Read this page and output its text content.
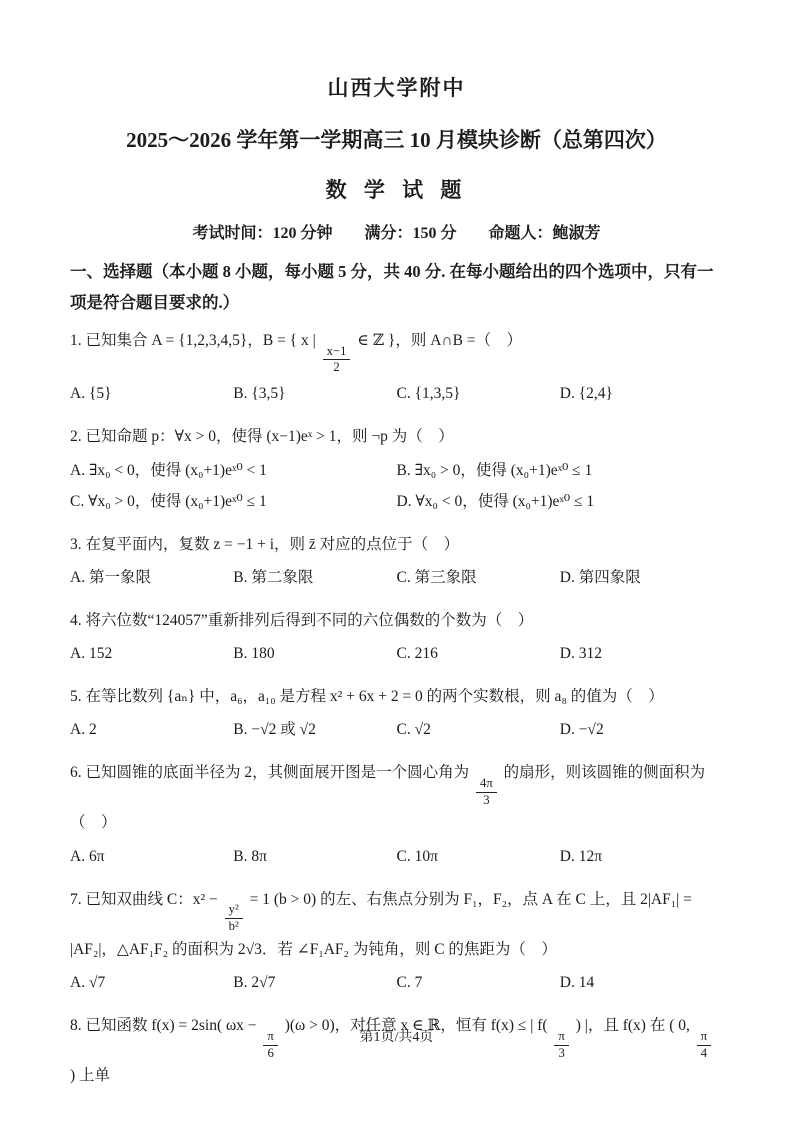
山西大学附中
2025～2026 学年第一学期高三 10 月模块诊断（总第四次）
数 学 试 题
考试时间：120 分钟　　满分：150 分　　命题人：鲍淑芳
一、选择题（本小题 8 小题，每小题 5 分，共 40 分. 在每小题给出的四个选项中，只有一项是符合题目要求的.）
1. 已知集合 A = {1,2,3,4,5}，B = { x |
$\frac{x-1}{2}$
∈ ℤ }，则 A∩B =（　）
A. {5}	B. {3,5}	C. {1,3,5}	D. {2,4}
2. 已知命题 p：∀x > 0，使得 (x−1)eˣ > 1，则 ¬p 为（　）
A. ∃x₀ < 0，使得 (x₀+1)eˣ⁰ < 1	B. ∃x₀ > 0，使得 (x₀+1)eˣ⁰ ≤ 1
C. ∀x₀ > 0，使得 (x₀+1)eˣ⁰ ≤ 1	D. ∀x₀ < 0，使得 (x₀+1)eˣ⁰ ≤ 1
3. 在复平面内，复数 z = −1 + i，则 z̄ 对应的点位于（　）
A. 第一象限	B. 第二象限	C. 第三象限	D. 第四象限
4. 将六位数“124057”重新排列后得到不同的六位偶数的个数为（　）
A. 152	B. 180	C. 216	D. 312
5. 在等比数列 {aₙ} 中，a₆，a₁₀ 是方程 x² + 6x + 2 = 0 的两个实数根，则 a₈ 的值为（　）
A. 2	B. −√2 或 √2	C. √2	D. −√2
6. 已知圆锥的底面半径为 2，其侧面展开图是一个圆心角为
$\frac{4\pi}{3}$
的扇形，则该圆锥的侧面积为（　）
A. 6π	B. 8π	C. 10π	D. 12π
7. 已知双曲线 C：x² −
$\frac{\text{y²}}{\text{b²}}$
= 1 (b > 0) 的左、右焦点分别为 F₁，F₂，点 A 在 C 上，且 2|AF₁| = |AF₂|，△AF₁F₂ 的面积为 2√3．若 ∠F₁AF₂ 为钝角，则 C 的焦距为（　）
A. √7	B. 2√7	C. 7	D. 14
8. 已知函数 f(x) = 2sin( ωx −
$\frac{\pi}{6}$
)(ω > 0)，对任意 x ∈ ℝ，恒有 f(x) ≤ | f(
$\frac{\pi}{3}$
) |，且 f(x) 在 ( 0,
$\frac{\pi}{4}$
) 上单
第1页/共4页
